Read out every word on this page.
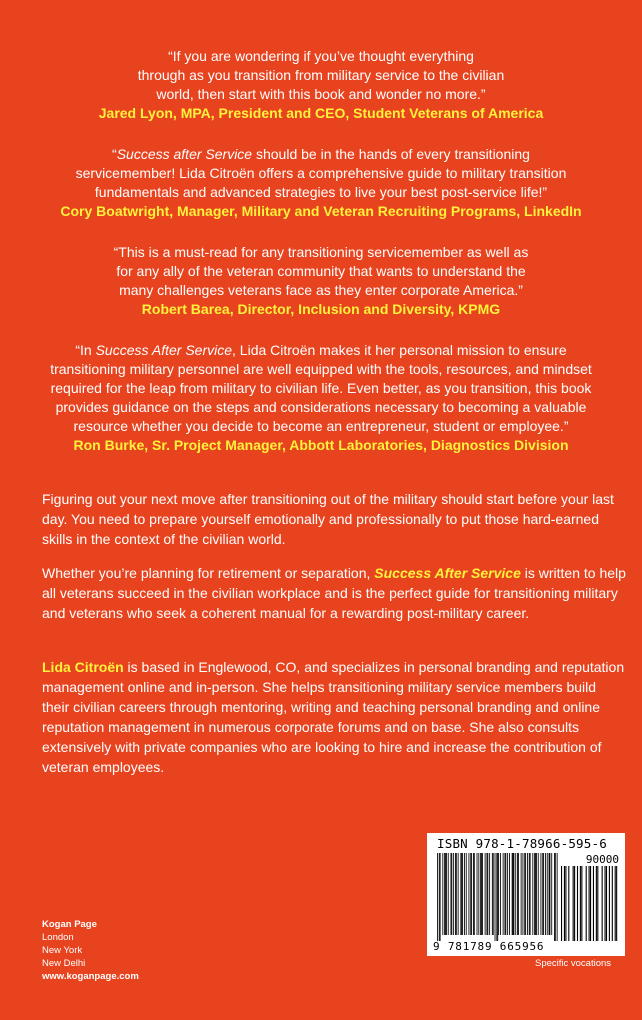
“If you are wondering if you’ve thought everything
through as you transition from military service to the civilian
world, then start with this book and wonder no more.”
Jared Lyon, MPA, President and CEO, Student Veterans of America
“Success after Service should be in the hands of every transitioning
servicemember! Lida Citroën offers a comprehensive guide to military transition
fundamentals and advanced strategies to live your best post-service life!”
Cory Boatwright, Manager, Military and Veteran Recruiting Programs, LinkedIn
“This is a must-read for any transitioning servicemember as well as
for any ally of the veteran community that wants to understand the
many challenges veterans face as they enter corporate America.”
Robert Barea, Director, Inclusion and Diversity, KPMG
“In Success After Service, Lida Citroën makes it her personal mission to ensure
transitioning military personnel are well equipped with the tools, resources, and mindset
required for the leap from military to civilian life. Even better, as you transition, this book
provides guidance on the steps and considerations necessary to becoming a valuable
resource whether you decide to become an entrepreneur, student or employee.”
Ron Burke, Sr. Project Manager, Abbott Laboratories, Diagnostics Division

Figuring out your next move after transitioning out of the military should start before your last day. You need to prepare yourself emotionally and professionally to put those hard-earned skills in the context of the civilian world.

Whether you’re planning for retirement or separation, Success After Service is written to help all veterans succeed in the civilian workplace and is the perfect guide for transitioning military and veterans who seek a coherent manual for a rewarding post-military career.

Lida Citroën is based in Englewood, CO, and specializes in personal branding and reputation management online and in-person. She helps transitioning military service members build their civilian careers through mentoring, writing and teaching personal branding and online reputation management in numerous corporate forums and on base. She also consults extensively with private companies who are looking to hire and increase the contribution of veteran employees.

Kogan Page
London
New York
New Delhi
www.koganpage.com
ISBN 978-1-78966-595-6
90000
9 781789 665956
Specific vocations
